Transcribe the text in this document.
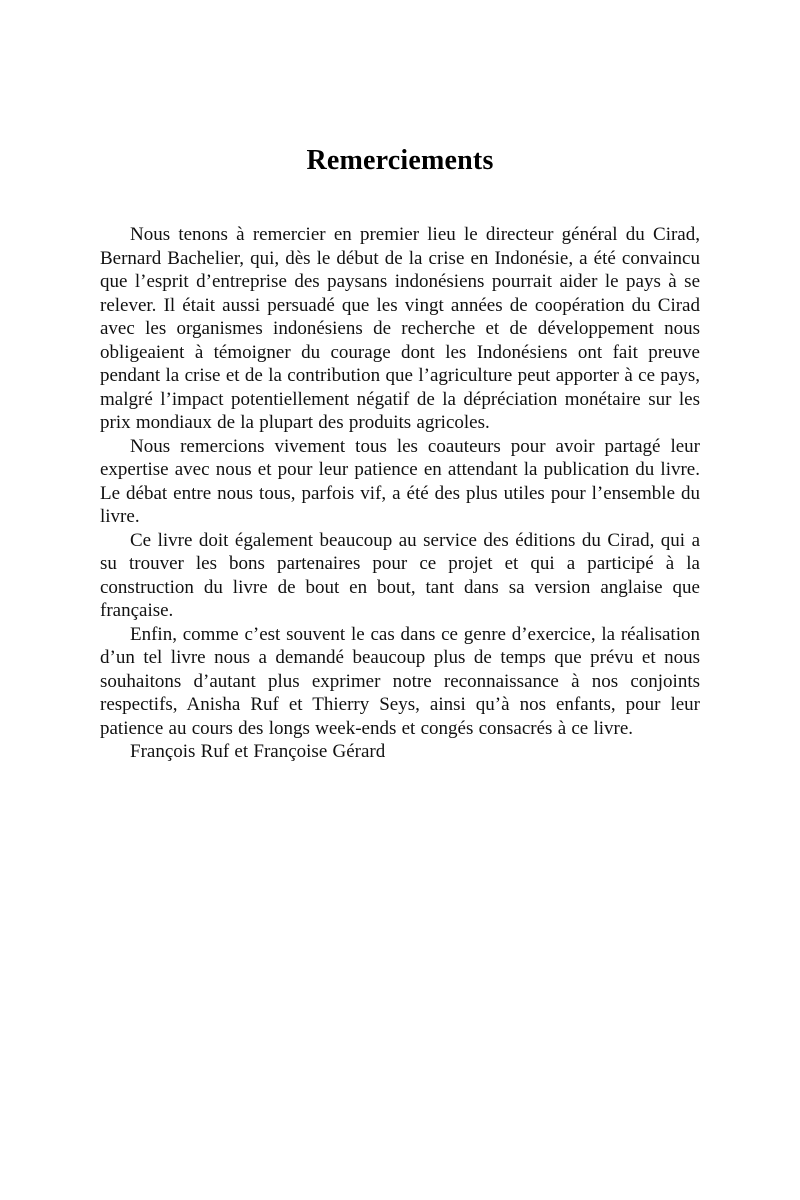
Remerciements

Nous tenons à remercier en premier lieu le directeur général du Cirad, Bernard Bachelier, qui, dès le début de la crise en Indonésie, a été convaincu que l’esprit d’entreprise des paysans indonésiens pourrait aider le pays à se relever. Il était aussi persuadé que les vingt années de coopération du Cirad avec les organismes indonésiens de recherche et de développement nous obligeaient à témoigner du courage dont les Indonésiens ont fait preuve pendant la crise et de la contribution que l’agriculture peut apporter à ce pays, malgré l’impact potentiellement négatif de la dépréciation monétaire sur les prix mondiaux de la plupart des produits agricoles.

Nous remercions vivement tous les coauteurs pour avoir partagé leur expertise avec nous et pour leur patience en attendant la publication du livre. Le débat entre nous tous, parfois vif, a été des plus utiles pour l’ensemble du livre.

Ce livre doit également beaucoup au service des éditions du Cirad, qui a su trouver les bons partenaires pour ce projet et qui a participé à la construction du livre de bout en bout, tant dans sa version anglaise que française.

Enfin, comme c’est souvent le cas dans ce genre d’exercice, la réalisation d’un tel livre nous a demandé beaucoup plus de temps que prévu et nous souhaitons d’autant plus exprimer notre reconnaissance à nos conjoints respectifs, Anisha Ruf et Thierry Seys, ainsi qu’à nos enfants, pour leur patience au cours des longs week-ends et congés consacrés à ce livre.

François Ruf et Françoise Gérard
